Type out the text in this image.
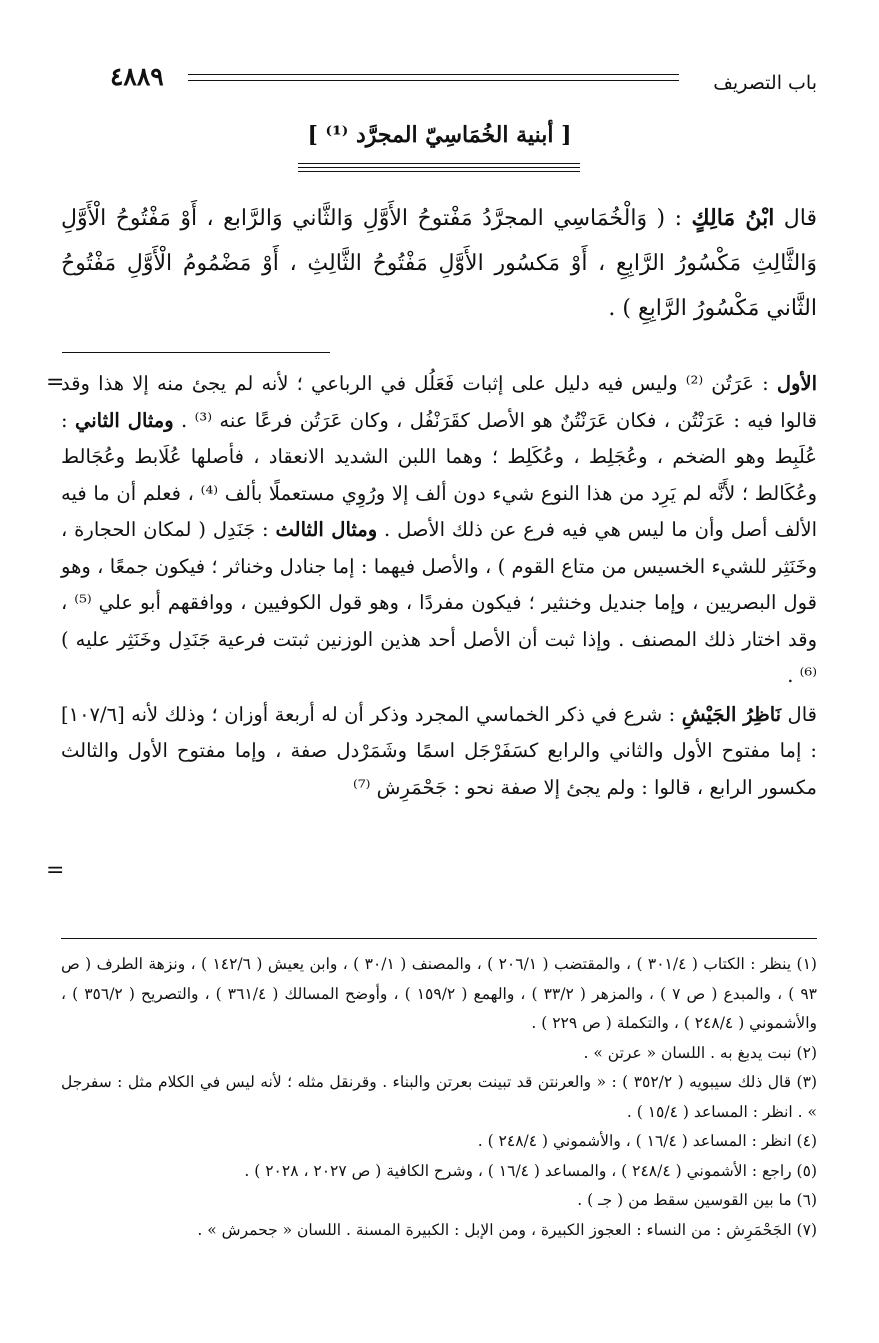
باب التصريف
٤٨٨٩
[ أبنية الخُمَاسِيّ المجرَّد ⁽¹⁾ ]
قال ابْنُ مَالِكٍ : ( وَالْخُمَاسِي المجرَّدُ مَفْتوحُ الأَوَّلِ وَالثَّاني وَالرَّابع ، أَوْ مَفْتُوحُ الْأَوَّلِ وَالثَّالِثِ مَكْسُورُ الرَّابِعِ ، أَوْ مَكسُور الأَوَّلِ مَفْتُوحُ الثَّالِثِ ، أَوْ مَضْمُومُ الْأَوَّلِ مَفْتُوحُ الثَّاني مَكْسُورُ الرَّابِعِ ) .
=
=

الأول : عَرَتُن ⁽²⁾ وليس فيه دليل على إثبات فَعَلُل في الرباعي ؛ لأنه لم يجئ منه إلا هذا وقد قالوا فيه : عَرَنْتُن ، فكان عَرَنْتُنٌ هو الأصل كقَرَنْفُل ، وكان عَرَتُن فرعًا عنه ⁽³⁾ . ومثال الثاني : عُلَبِط وهو الضخم ، وعُجَلِط ، وعُكَلِط ؛ وهما اللبن الشديد الانعقاد ، فأصلها عُلَابط وعُجَالط وعُكَالط ؛ لأَنَّه لم يَرِد من هذا النوع شيء دون ألف إلا ورُوِي مستعملًا بألف ⁽⁴⁾ ، فعلم أن ما فيه الألف أصل وأن ما ليس هي فيه فرع عن ذلك الأصل . ومثال الثالث : جَنَدِل ( لمكان الحجارة ، وخَنَثِر للشيء الخسيس من متاع القوم ) ، والأصل فيهما : إما جنادل وخناثر ؛ فيكون جمعًا ، وهو قول البصريين ، وإما جنديل وخنثير ؛ فيكون مفردًا ، وهو قول الكوفيين ، ووافقهم أبو علي ⁽⁵⁾ ، وقد اختار ذلك المصنف . وإذا ثبت أن الأصل أحد هذين الوزنين ثبتت فرعية جَنَدِل وخَنَثِر عليه ) ⁽⁶⁾ .

قال نَاظِرُ الجَيْشِ : شرع في ذكر الخماسي المجرد وذكر أن له أربعة أوزان ؛ وذلك لأنه [١٠٧/٦] : إما مفتوح الأول والثاني والرابع كسَفَرْجَل اسمًا وشَمَرْدل صفة ، وإما مفتوح الأول والثالث مكسور الرابع ، قالوا : ولم يجئ إلا صفة نحو : جَحْمَرِش ⁽⁷⁾

(١) ينظر : الكتاب ( ٣٠١/٤ ) ، والمقتضب ( ٢٠٦/١ ) ، والمصنف ( ٣٠/١ ) ، وابن يعيش ( ١٤٢/٦ ) ، ونزهة الطرف ( ص ٩٣ ) ، والمبدع ( ص ٧ ) ، والمزهر ( ٣٣/٢ ) ، والهمع ( ١٥٩/٢ ) ، وأوضح المسالك ( ٣٦١/٤ ) ، والتصريح ( ٣٥٦/٢ ) ، والأشموني ( ٢٤٨/٤ ) ، والتكملة ( ص ٢٢٩ ) .
(٢) نبت يدبغ به . اللسان « عرتن » .
(٣) قال ذلك سيبويه ( ٣٥٢/٢ ) : « والعرنتن قد تبينت بعرتن والبناء . وقرنقل مثله ؛ لأنه ليس في الكلام مثل : سفرجل » . انظر : المساعد ( ١٥/٤ ) .
(٤) انظر : المساعد ( ١٦/٤ ) ، والأشموني ( ٢٤٨/٤ ) .
(٥) راجع : الأشموني ( ٢٤٨/٤ ) ، والمساعد ( ١٦/٤ ) ، وشرح الكافية ( ص ٢٠٢٧ ، ٢٠٢٨ ) .
(٦) ما بين القوسين سقط من ( جـ ) .
(٧) الجَحْمَرِش : من النساء : العجوز الكبيرة ، ومن الإبل : الكبيرة المسنة . اللسان « جحمرش » .
